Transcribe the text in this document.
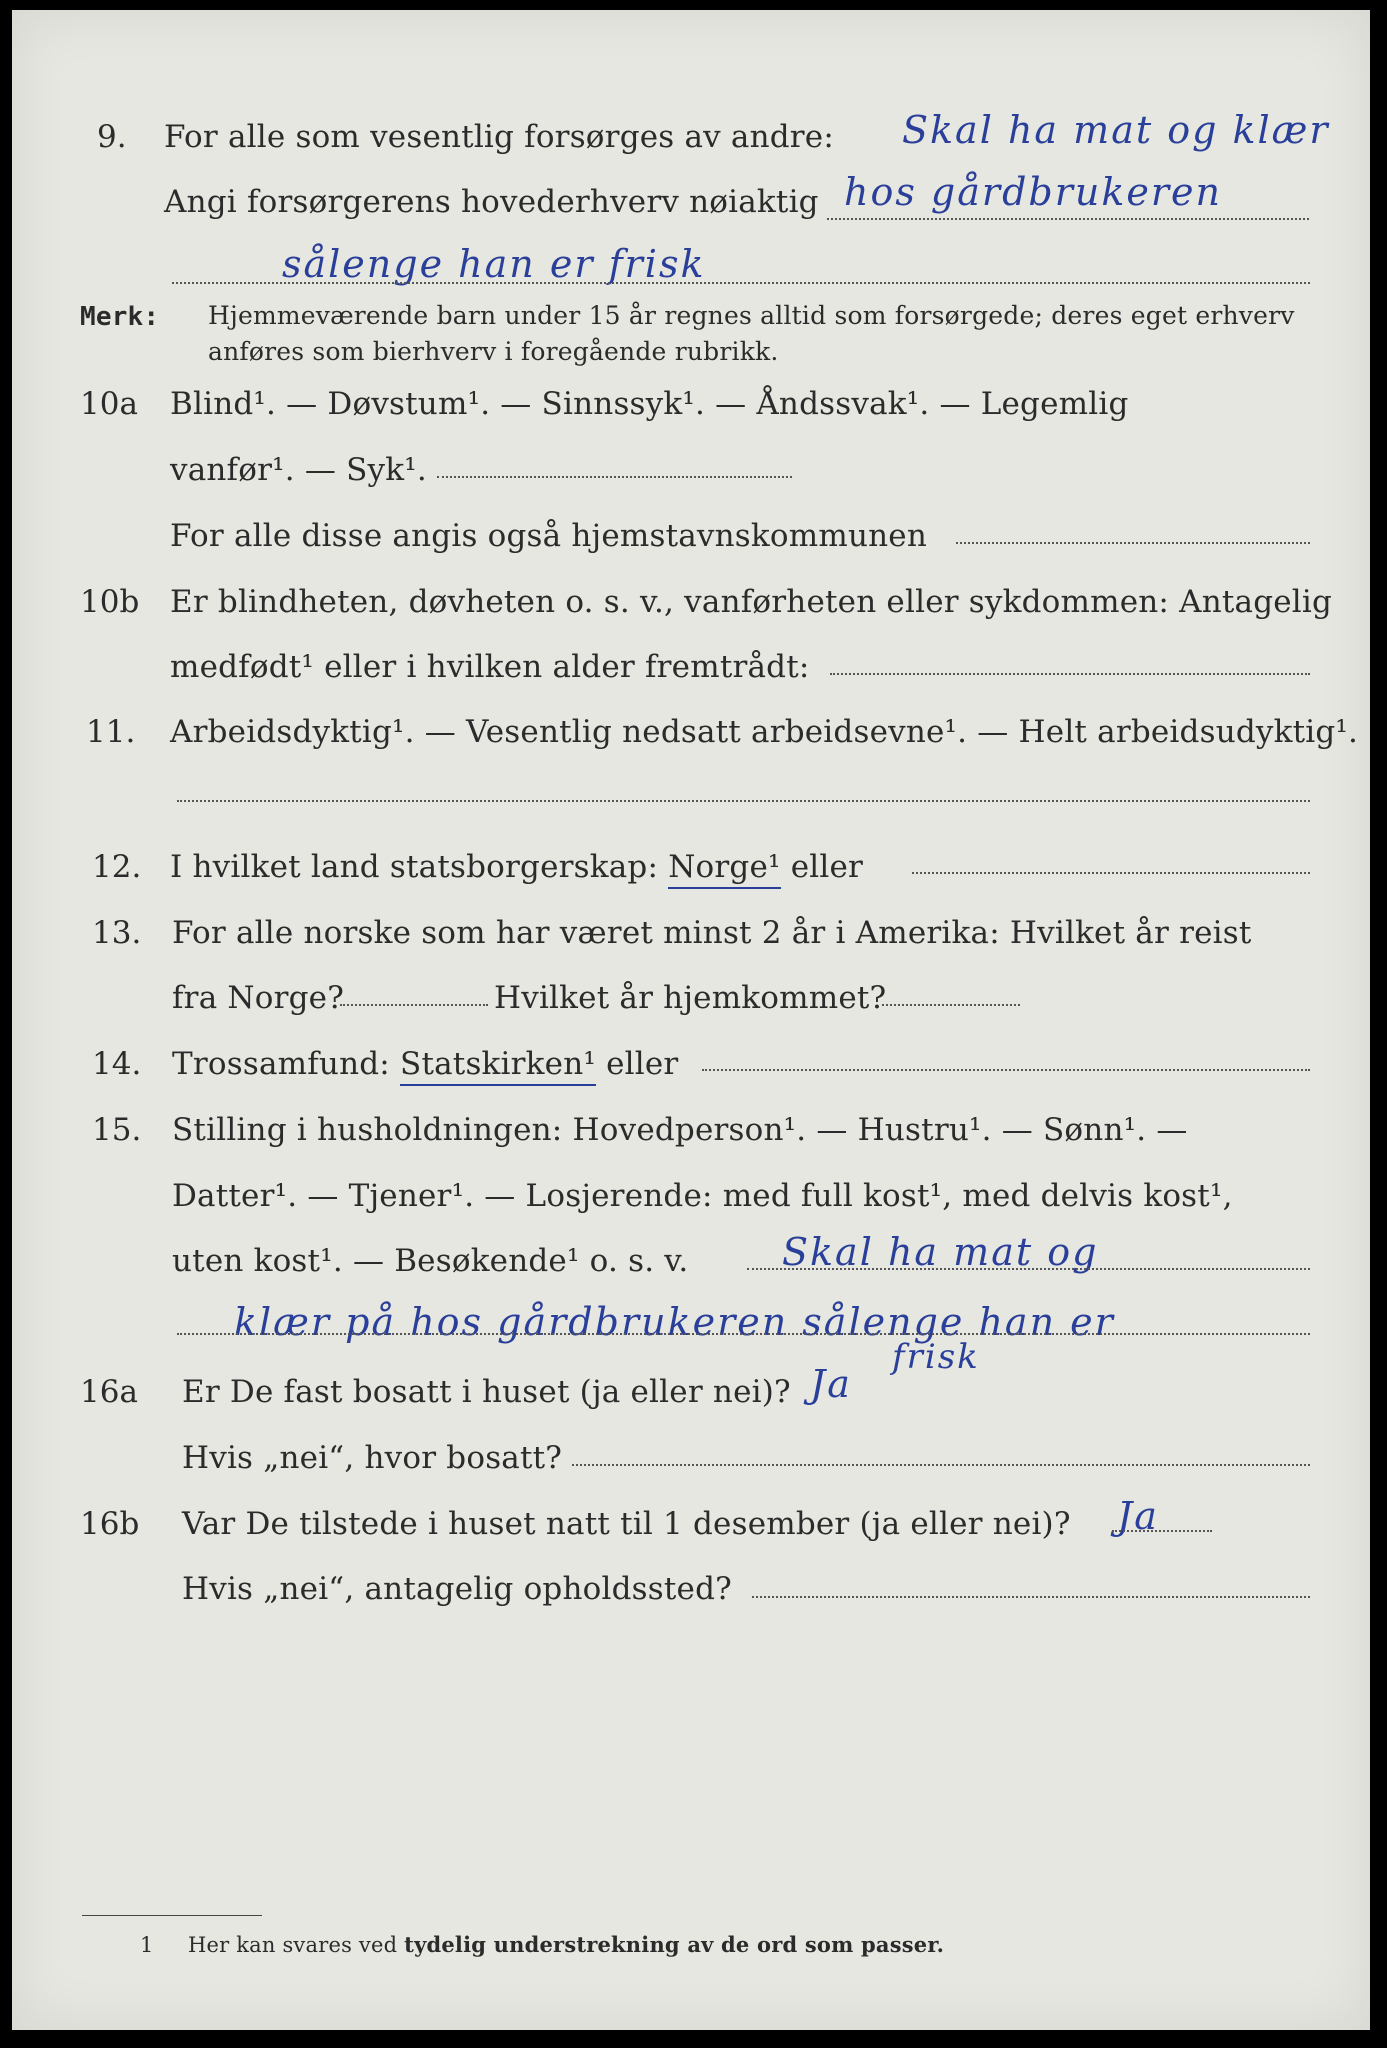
9. For alle som vesentlig forsørges av andre: Skal ha mat og klær
Angi forsørgerens hovederhverv nøiaktig hos gårdbrukeren
sålenge han er frisk
Merk: Hjemmeværende barn under 15 år regnes alltid som forsørgede; deres eget erhverv
anføres som bierhverv i foregående rubrikk.
10a Blind¹. — Døvstum¹. — Sinnssyk¹. — Åndssvak¹. — Legemlig
vanfør¹. — Syk¹.
For alle disse angis også hjemstavnskommunen
10b Er blindheten, døvheten o. s. v., vanførheten eller sykdommen: Antagelig
medfødt¹ eller i hvilken alder fremtrådt:
11. Arbeidsdyktig¹. — Vesentlig nedsatt arbeidsevne¹. — Helt arbeidsudyktig¹.
12. I hvilket land statsborgerskap: Norge¹ eller
13. For alle norske som har været minst 2 år i Amerika: Hvilket år reist
fra Norge?	Hvilket år hjemkommet?
14. Trossamfund: Statskirken¹ eller
15. Stilling i husholdningen: Hovedperson¹. — Hustru¹. — Sønn¹. —
Datter¹. — Tjener¹. — Losjerende: med full kost¹, med delvis kost¹,
uten kost¹. — Besøkende¹ o. s. v. Skal ha mat og
klær på hos gårdbrukeren sålenge han er
frisk
16a Er De fast bosatt i huset (ja eller nei)? Ja
Hvis „nei“, hvor bosatt?
16b Var De tilstede i huset natt til 1 desember (ja eller nei)? Ja
Hvis „nei“, antagelig opholdssted?
1 Her kan svares ved tydelig understrekning av de ord som passer.
